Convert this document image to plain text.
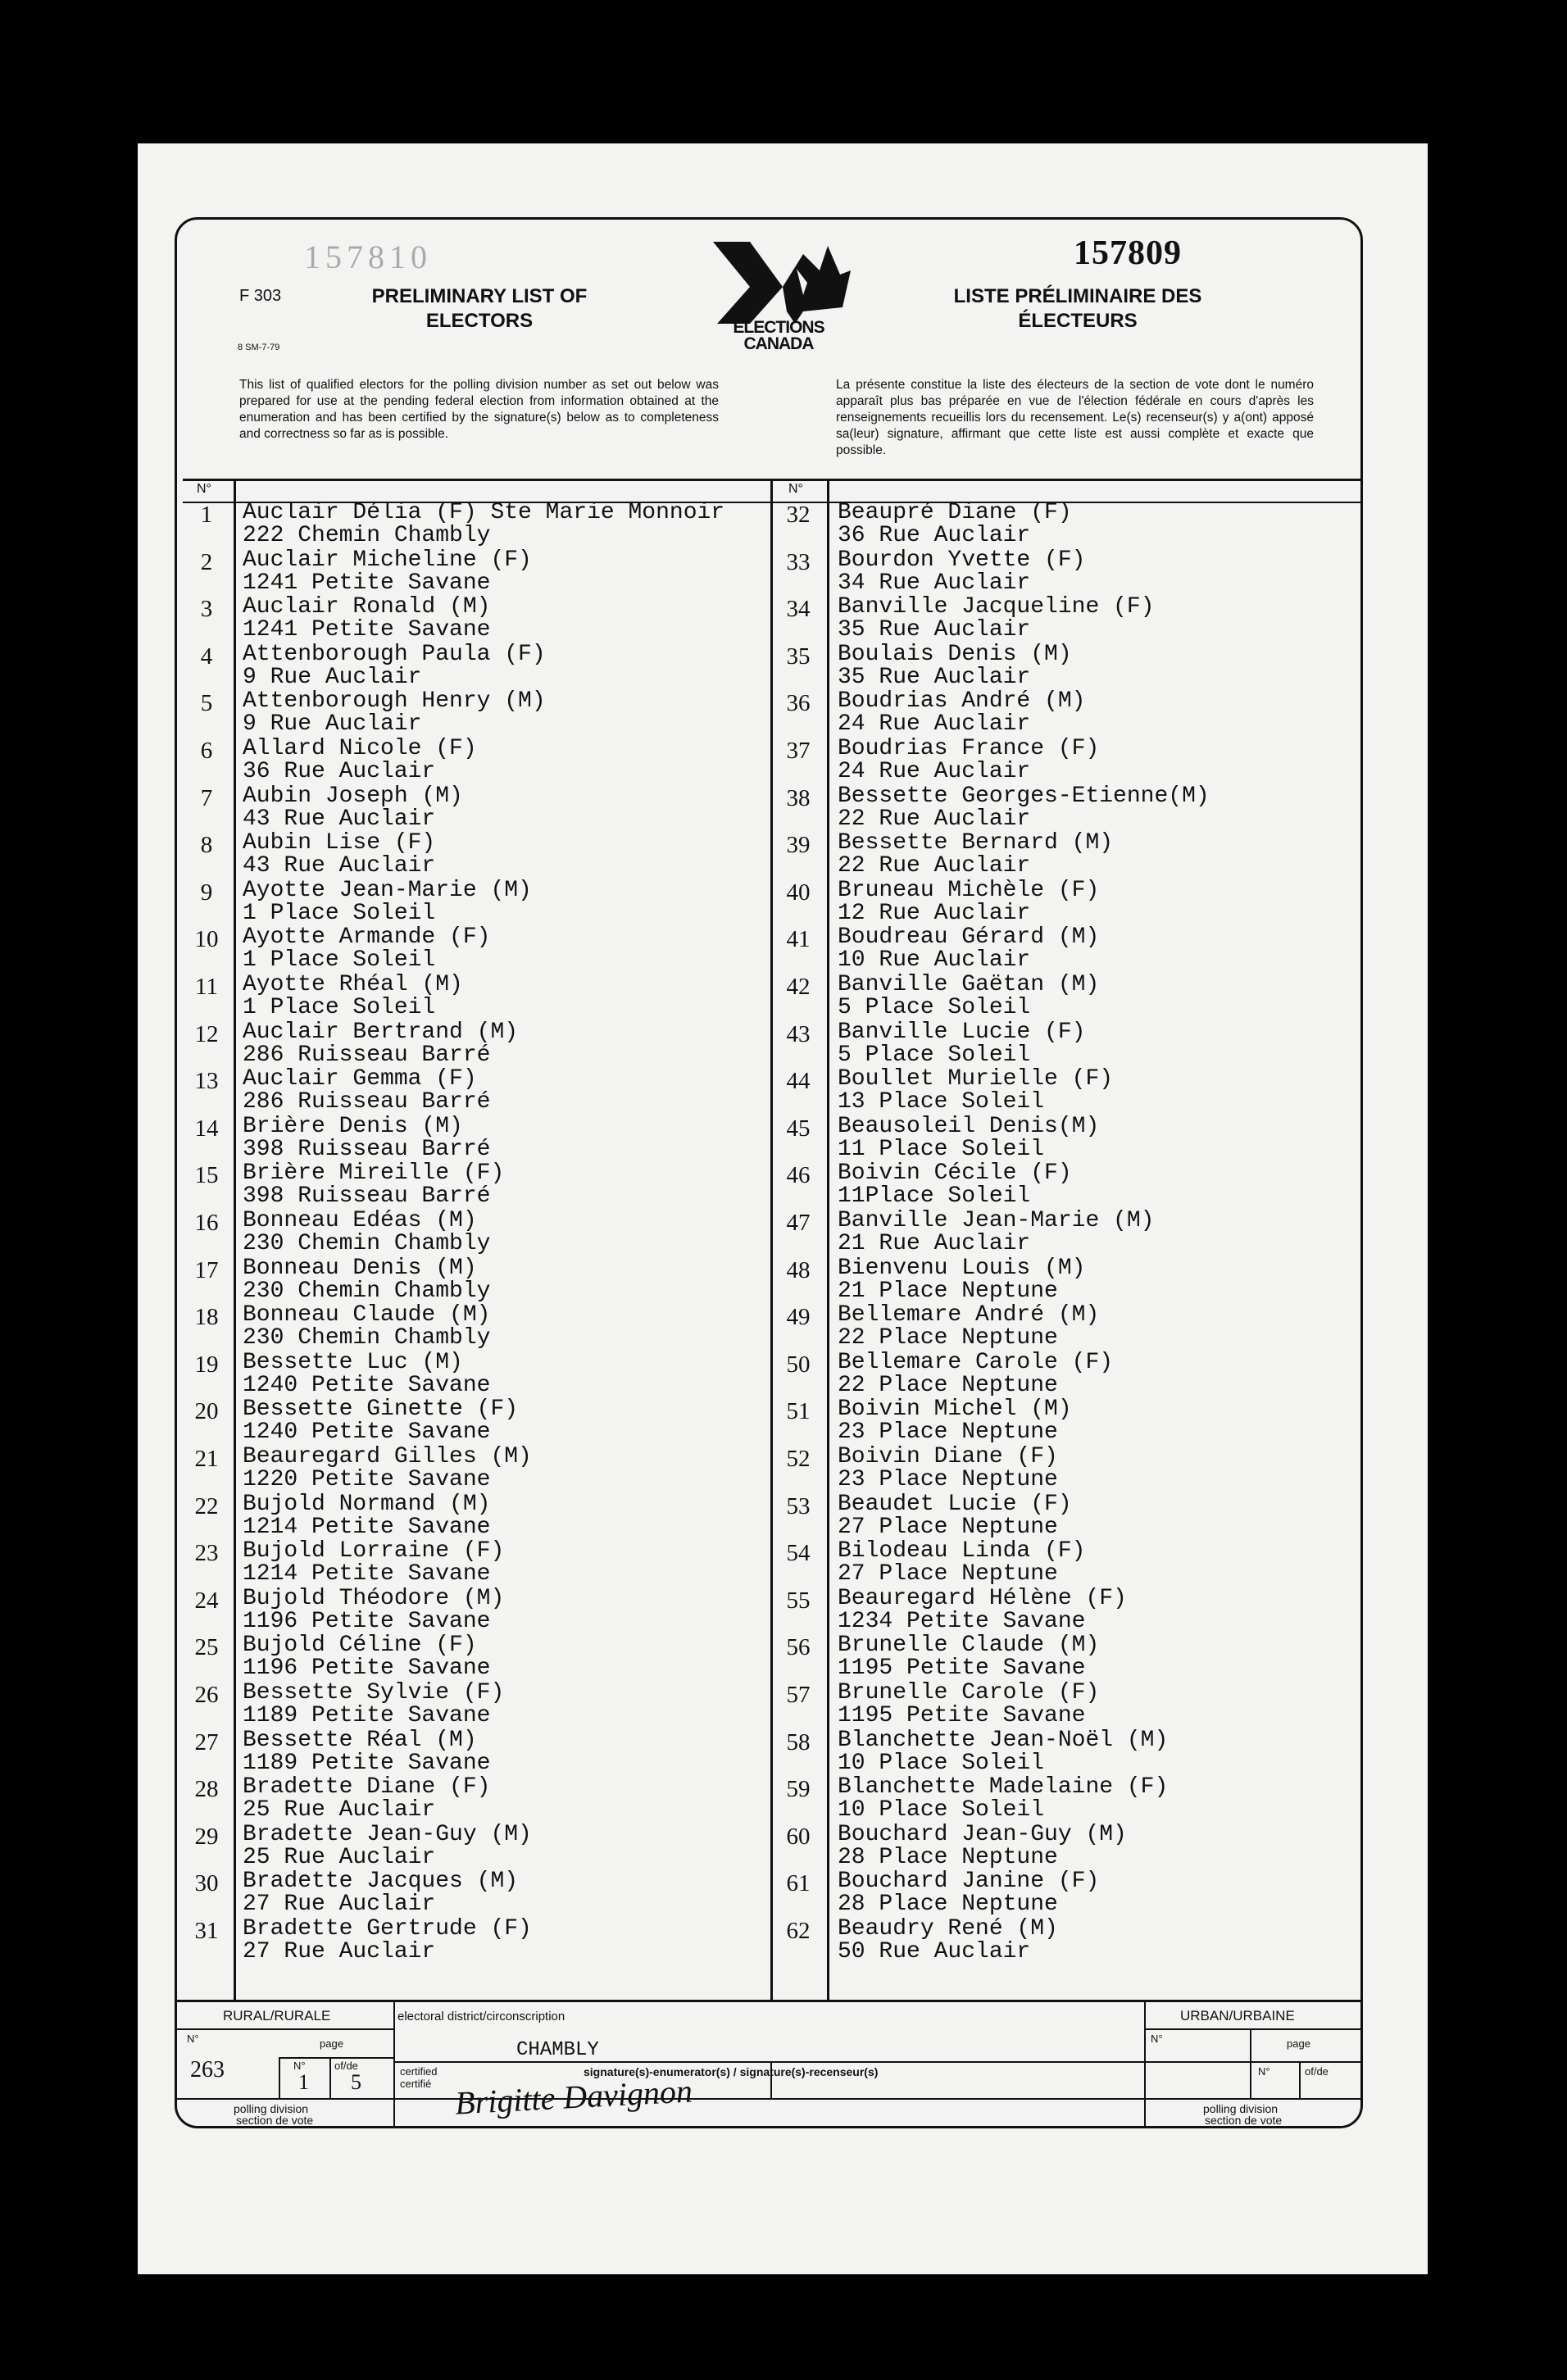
157810
F 303
8 SM-7-79
PRELIMINARY LIST OF ELECTORS	ELECTIONS
CANADA
157809
LISTE PRÉLIMINAIRE DES ÉLECTEURS
This list of qualified electors for the polling division number as set out below was prepared for use at the pending federal election from information obtained at the enumeration and has been certified by the signature(s) below as to completeness and correctness so far as is possible.
La présente constitue la liste des électeurs de la section de vote dont le numéro apparaît plus bas préparée en vue de l'élection fédérale en cours d'après les renseignements recueillis lors du recensement. Le(s) recenseur(s) y a(ont) apposé sa(leur) signature, affirmant que cette liste est aussi complète et exacte que possible.
N°	N°
1	Auclair Délia (F) Ste Marie Monnoir
222 Chemin Chambly
2	Auclair Micheline (F)
1241 Petite Savane
3	Auclair Ronald (M)
1241 Petite Savane
4	Attenborough Paula (F)
9 Rue Auclair
5	Attenborough Henry (M)
9 Rue Auclair
6	Allard Nicole (F)
36 Rue Auclair
7	Aubin Joseph (M)
43 Rue Auclair
8	Aubin Lise (F)
43 Rue Auclair
9	Ayotte Jean-Marie (M)
1 Place Soleil
10	Ayotte Armande (F)
1 Place Soleil
11	Ayotte Rhéal (M)
1 Place Soleil
12	Auclair Bertrand (M)
286 Ruisseau Barré
13	Auclair Gemma (F)
286 Ruisseau Barré
14	Brière Denis (M)
398 Ruisseau Barré
15	Brière Mireille (F)
398 Ruisseau Barré
16	Bonneau Edéas (M)
230 Chemin Chambly
17	Bonneau Denis (M)
230 Chemin Chambly
18	Bonneau Claude (M)
230 Chemin Chambly
19	Bessette Luc (M)
1240 Petite Savane
20	Bessette Ginette (F)
1240 Petite Savane
21	Beauregard Gilles (M)
1220 Petite Savane
22	Bujold Normand (M)
1214 Petite Savane
23	Bujold Lorraine (F)
1214 Petite Savane
24	Bujold Théodore (M)
1196 Petite Savane
25	Bujold Céline (F)
1196 Petite Savane
26	Bessette Sylvie (F)
1189 Petite Savane
27	Bessette Réal (M)
1189 Petite Savane
28	Bradette Diane (F)
25 Rue Auclair
29	Bradette Jean-Guy (M)
25 Rue Auclair
30	Bradette Jacques (M)
27 Rue Auclair
31	Bradette Gertrude (F)
27 Rue Auclair
32	Beaupré Diane (F)
36 Rue Auclair
33	Bourdon Yvette (F)
34 Rue Auclair
34	Banville Jacqueline (F)
35 Rue Auclair
35	Boulais Denis (M)
35 Rue Auclair
36	Boudrias André (M)
24 Rue Auclair
37	Boudrias France (F)
24 Rue Auclair
38	Bessette Georges-Etienne(M)
22 Rue Auclair
39	Bessette Bernard (M)
22 Rue Auclair
40	Bruneau Michèle (F)
12 Rue Auclair
41	Boudreau Gérard (M)
10 Rue Auclair
42	Banville Gaëtan (M)
5 Place Soleil
43	Banville Lucie (F)
5 Place Soleil
44	Boullet Murielle (F)
13 Place Soleil
45	Beausoleil Denis(M)
11 Place Soleil
46	Boivin Cécile (F)
11Place Soleil
47	Banville Jean-Marie (M)
21 Rue Auclair
48	Bienvenu Louis (M)
21 Place Neptune
49	Bellemare André (M)
22 Place Neptune
50	Bellemare Carole (F)
22 Place Neptune
51	Boivin Michel (M)
23 Place Neptune
52	Boivin Diane (F)
23 Place Neptune
53	Beaudet Lucie (F)
27 Place Neptune
54	Bilodeau Linda (F)
27 Place Neptune
55	Beauregard Hélène (F)
1234 Petite Savane
56	Brunelle Claude (M)
1195 Petite Savane
57	Brunelle Carole (F)
1195 Petite Savane
58	Blanchette Jean-Noël (M)
10 Place Soleil
59	Blanchette Madelaine (F)
10 Place Soleil
60	Bouchard Jean-Guy (M)
28 Place Neptune
61	Bouchard Janine (F)
28 Place Neptune
62	Beaudry René (M)
50 Rue Auclair
RURAL/RURALE
N°
263
page
N°	of/de
1 5
polling division
section de vote
electoral district/circonscription
CHAMBLY
certified
certifié
signature(s)-enumerator(s) / signature(s)-recenseur(s)
Brigitte Davignon
URBAN/URBAINE
N°	page
N°	of/de
polling division
section de vote
